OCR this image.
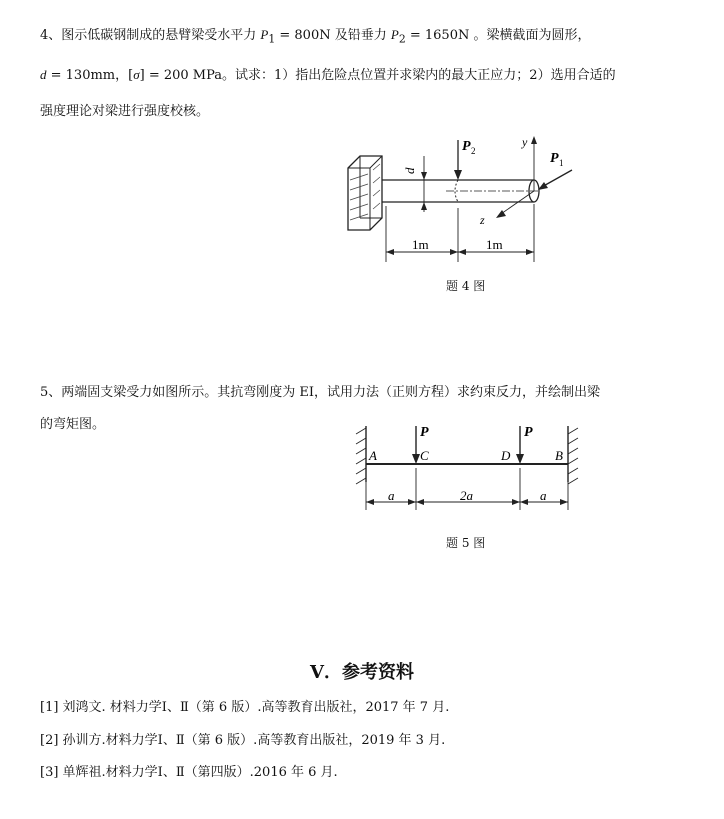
4、图示低碳钢制成的悬臂梁受水平力 $P_1 = 800N$ 及铅垂力 $P_2 = 1650N$ 。梁横截面为圆形，
d = 130mm，[σ] = 200 MPa。试求：1）指出危险点位置并求梁内的最大正应力；2）选用合适的
强度理论对梁进行强度校核。
d
P 2
y
z
P 1
1m	1m
题 4 图
5、两端固支梁受力如图所示。其抗弯刚度为 EI，试用力法（正则方程）求约束反力，并绘制出梁
的弯矩图。
P	P
A	C	D	B
a	2a	a
题 5 图
V．参考资料
[1] 刘鸿文. 材料力学Ⅰ、Ⅱ（第 6 版）.高等教育出版社，2017 年 7 月.
[2] 孙训方.材料力学Ⅰ、Ⅱ（第 6 版）.高等教育出版社，2019 年 3 月.
[3] 单辉祖.材料力学Ⅰ、Ⅱ（第四版）.2016 年 6 月.
